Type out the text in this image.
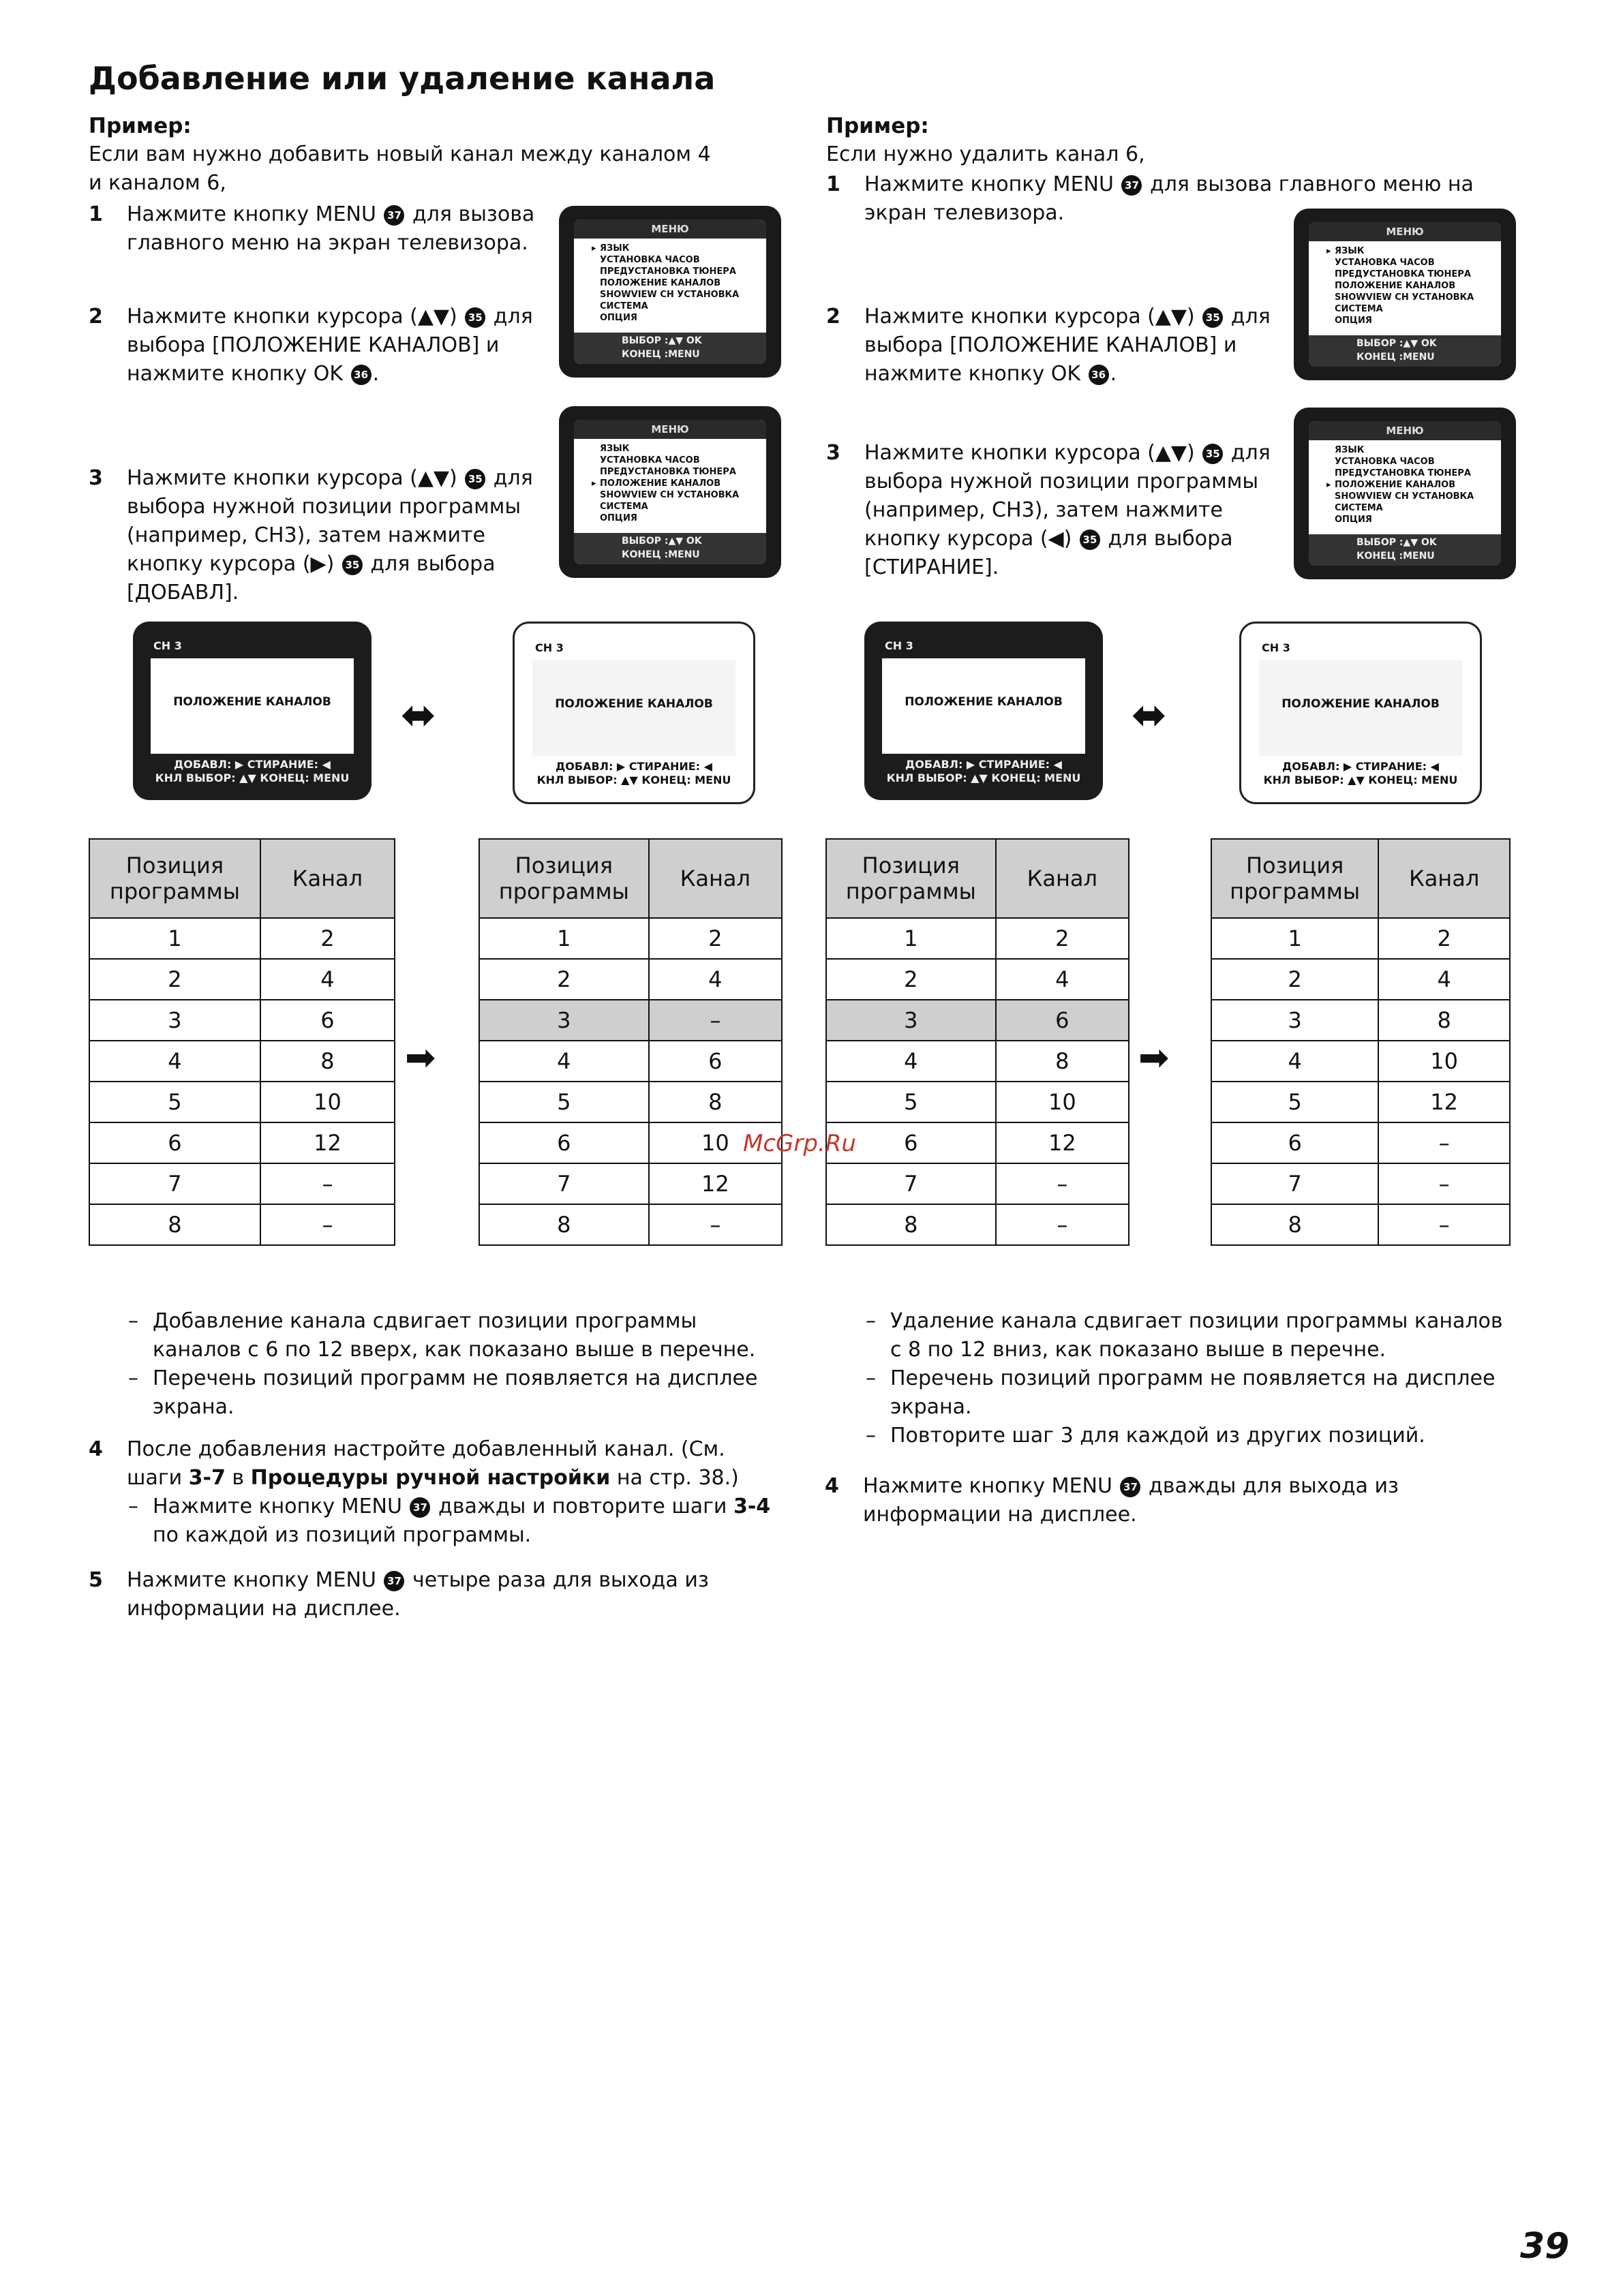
Добавление или удаление канала
Пример:
Если вам нужно добавить новый канал между каналом 4 и каналом 6,
1 Нажмите кнопку MENU 37 для вызова главного меню на экран телевизора.
2 Нажмите кнопки курсора (▲▼) 35 для выбора [ПОЛОЖЕНИЕ КАНАЛОВ] и нажмите кнопку OK 36 .
3 Нажмите кнопки курсора (▲▼) 35 для выбора нужной позиции программы (например, СН3), затем нажмите кнопку курсора (▶) 35 для выбора [ДОБАВЛ].
Пример:
Если нужно удалить канал 6,
1 Нажмите кнопку MENU 37 для вызова главного меню на экран телевизора.
2 Нажмите кнопки курсора (▲▼) 35 для выбора [ПОЛОЖЕНИЕ КАНАЛОВ] и нажмите кнопку OK 36 .
3 Нажмите кнопки курсора (▲▼) 35 для выбора нужной позиции программы (например, СН3), затем нажмите кнопку курсора (◀) 35 для выбора [СТИРАНИЕ].
МЕНЮ
▸ ЯЗЫК
УСТАНОВКА ЧАСОВ
ПРЕДУСТАНОВКА ТЮНЕРА
ПОЛОЖЕНИЕ КАНАЛОВ
SHOWVIEW CH УСТАНОВКА
СИСТЕМА
ОПЦИЯ
ВЫБОР :▲▼ OK
КОНЕЦ :MENU
МЕНЮ
ЯЗЫК
УСТАНОВКА ЧАСОВ
ПРЕДУСТАНОВКА ТЮНЕРА
▸ ПОЛОЖЕНИЕ КАНАЛОВ
SHOWVIEW CH УСТАНОВКА
СИСТЕМА
ОПЦИЯ
ВЫБОР :▲▼ OK
КОНЕЦ :MENU
МЕНЮ
▸ ЯЗЫК
УСТАНОВКА ЧАСОВ
ПРЕДУСТАНОВКА ТЮНЕРА
ПОЛОЖЕНИЕ КАНАЛОВ
SHOWVIEW CH УСТАНОВКА
СИСТЕМА
ОПЦИЯ
ВЫБОР :▲▼ OK
КОНЕЦ :MENU
МЕНЮ
ЯЗЫК
УСТАНОВКА ЧАСОВ
ПРЕДУСТАНОВКА ТЮНЕРА
▸ ПОЛОЖЕНИЕ КАНАЛОВ
SHOWVIEW CH УСТАНОВКА
СИСТЕМА
ОПЦИЯ
ВЫБОР :▲▼ OK
КОНЕЦ :MENU
CH 3
ПОЛОЖЕНИЕ КАНАЛОВ
ДОБАВЛ: ▶ СТИРАНИЕ: ◀
КНЛ ВЫБОР: ▲▼ КОНЕЦ: MENU
⬌
CH 3
ПОЛОЖЕНИЕ КАНАЛОВ
ДОБАВЛ: ▶ СТИРАНИЕ: ◀
КНЛ ВЫБОР: ▲▼ КОНЕЦ: MENU
CH 3
ПОЛОЖЕНИЕ КАНАЛОВ
ДОБАВЛ: ▶ СТИРАНИЕ: ◀
КНЛ ВЫБОР: ▲▼ КОНЕЦ: MENU
⬌
CH 3
ПОЛОЖЕНИЕ КАНАЛОВ
ДОБАВЛ: ▶ СТИРАНИЕ: ◀
КНЛ ВЫБОР: ▲▼ КОНЕЦ: MENU
Позиция программы	Канал
1	2
2	4
3	6
4	8
5	10
6	12
7	–
8	–
➡
Позиция программы	Канал
1	2
2	4
3	–
4	6
5	8
6	10
7	12
8	–
Позиция программы	Канал
1	2
2	4
3	6
4	8
5	10
6	12
7	–
8	–
➡
Позиция программы	Канал
1	2
2	4
3	8
4	10
5	12
6	–
7	–
8	–
McGrp.Ru
– Добавление канала сдвигает позиции программы каналов с 6 по 12 вверх, как показано выше в перечне.
– Перечень позиций программ не появляется на дисплее экрана.
4 После добавления настройте добавленный канал. (См. шаги 3-7 в Процедуры ручной настройки на стр. 38.)
– Нажмите кнопку MENU 37 дважды и повторите шаги 3-4 по каждой из позиций программы.
5 Нажмите кнопку MENU 37 четыре раза для выхода из информации на дисплее.
– Удаление канала сдвигает позиции программы каналов с 8 по 12 вниз, как показано выше в перечне.
– Перечень позиций программ не появляется на дисплее экрана.
– Повторите шаг 3 для каждой из других позиций.
4 Нажмите кнопку MENU 37 дважды для выхода из информации на дисплее.
39
